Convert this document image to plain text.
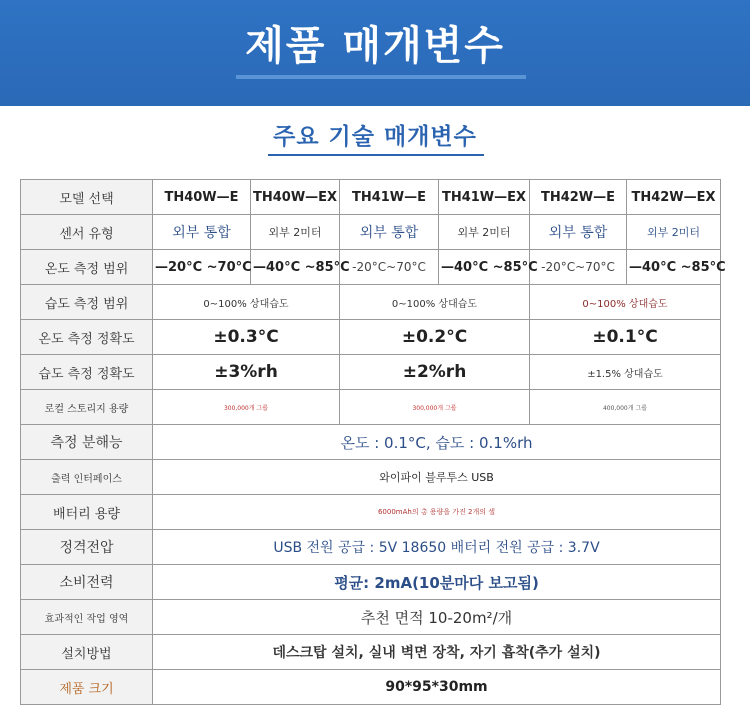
제품 매개변수
주요 기술 매개변수
모델 선택	TH40W—E	TH40W—EX	TH41W—E	TH41W—EX	TH42W—E	TH42W—EX
센서 유형	외부 통합	외부 2미터	외부 통합	외부 2미터	외부 통합	외부 2미터
온도 측정 범위	—20°C ~70°C	—40°C ~85°C	-20°C~70°C	—40°C ~85°C	-20°C~70°C	—40°C ~85°C
습도 측정 범위	0~100% 상대습도		0~100% 상대습도		0~100% 상대습도	
온도 측정 정확도	±0.3°C		±0.2°C		±0.1°C	
습도 측정 정확도	±3%rh		±2%rh		±1.5% 상대습도	
로컬 스토리지 용량	300,000개 그룹		300,000개 그룹		400,000개 그룹	
측정 분해능	온도 : 0.1°C, 습도 : 0.1%rh					
출력 인터페이스	와이파이 블루투스 USB					
배터리 용량	6000mAh의 총 용량을 가진 2개의 셀					
정격전압	USB 전원 공급 : 5V 18650 배터리 전원 공급 : 3.7V					
소비전력	평균: 2mA(10분마다 보고됨)					
효과적인 작업 영역	추천 면적 10-20m²/개					
설치방법	데스크탑 설치, 실내 벽면 장착, 자기 흡착(추가 설치)					
제품 크기	90*95*30mm					
